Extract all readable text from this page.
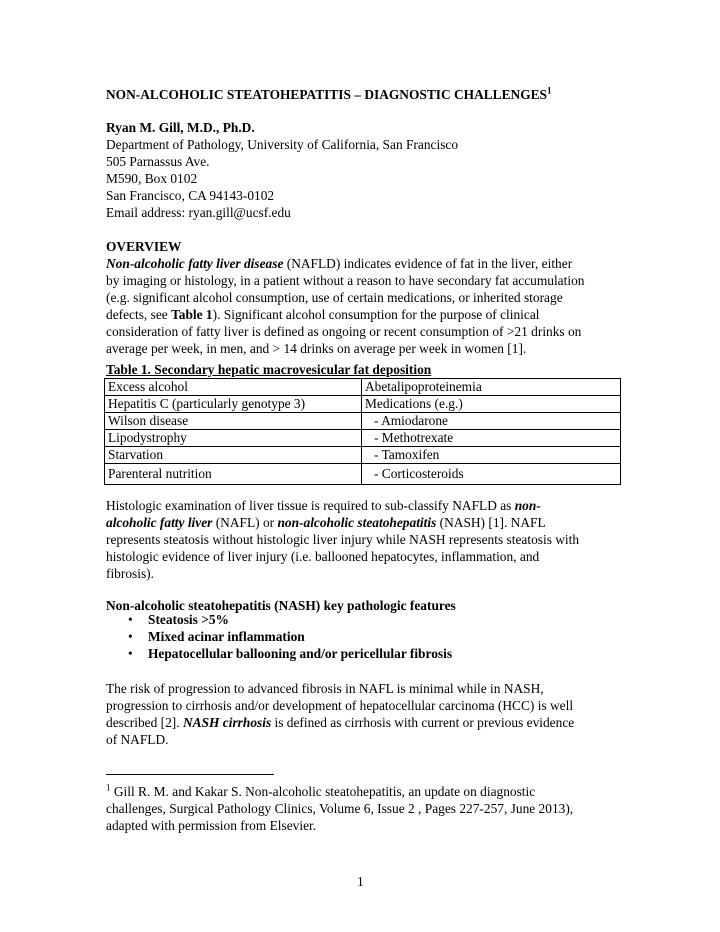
NON-ALCOHOLIC STEATOHEPATITIS – DIAGNOSTIC CHALLENGES$^1$
Ryan M. Gill, M.D., Ph.D.
Department of Pathology, University of California, San Francisco
505 Parnassus Ave.
M590, Box 0102
San Francisco, CA 94143-0102
Email address: ryan.gill@ucsf.edu
OVERVIEW
Non-alcoholic fatty liver disease (NAFLD) indicates evidence of fat in the liver, either
by imaging or histology, in a patient without a reason to have secondary fat accumulation
(e.g. significant alcohol consumption, use of certain medications, or inherited storage
defects, see Table 1). Significant alcohol consumption for the purpose of clinical
consideration of fatty liver is defined as ongoing or recent consumption of >21 drinks on
average per week, in men, and > 14 drinks on average per week in women [1].
Table 1. Secondary hepatic macrovesicular fat deposition
Excess alcohol	Abetalipoproteinemia
Hepatitis C (particularly genotype 3)	Medications (e.g.)
Wilson disease	- Amiodarone
Lipodystrophy	- Methotrexate
Starvation	- Tamoxifen
Parenteral nutrition	- Corticosteroids
Histologic examination of liver tissue is required to sub-classify NAFLD as non-
alcoholic fatty liver (NAFL) or non-alcoholic steatohepatitis (NASH) [1]. NAFL
represents steatosis without histologic liver injury while NASH represents steatosis with
histologic evidence of liver injury (i.e. ballooned hepatocytes, inflammation, and
fibrosis).
Non-alcoholic steatohepatitis (NASH) key pathologic features
• Steatosis >5%
• Mixed acinar inflammation
• Hepatocellular ballooning and/or pericellular fibrosis
The risk of progression to advanced fibrosis in NAFL is minimal while in NASH,
progression to cirrhosis and/or development of hepatocellular carcinoma (HCC) is well
described [2]. NASH cirrhosis is defined as cirrhosis with current or previous evidence
of NAFLD.
$^1$ Gill R. M. and Kakar S. Non-alcoholic steatohepatitis, an update on diagnostic
challenges, Surgical Pathology Clinics, Volume 6, Issue 2 , Pages 227-257, June 2013),
adapted with permission from Elsevier.
1
